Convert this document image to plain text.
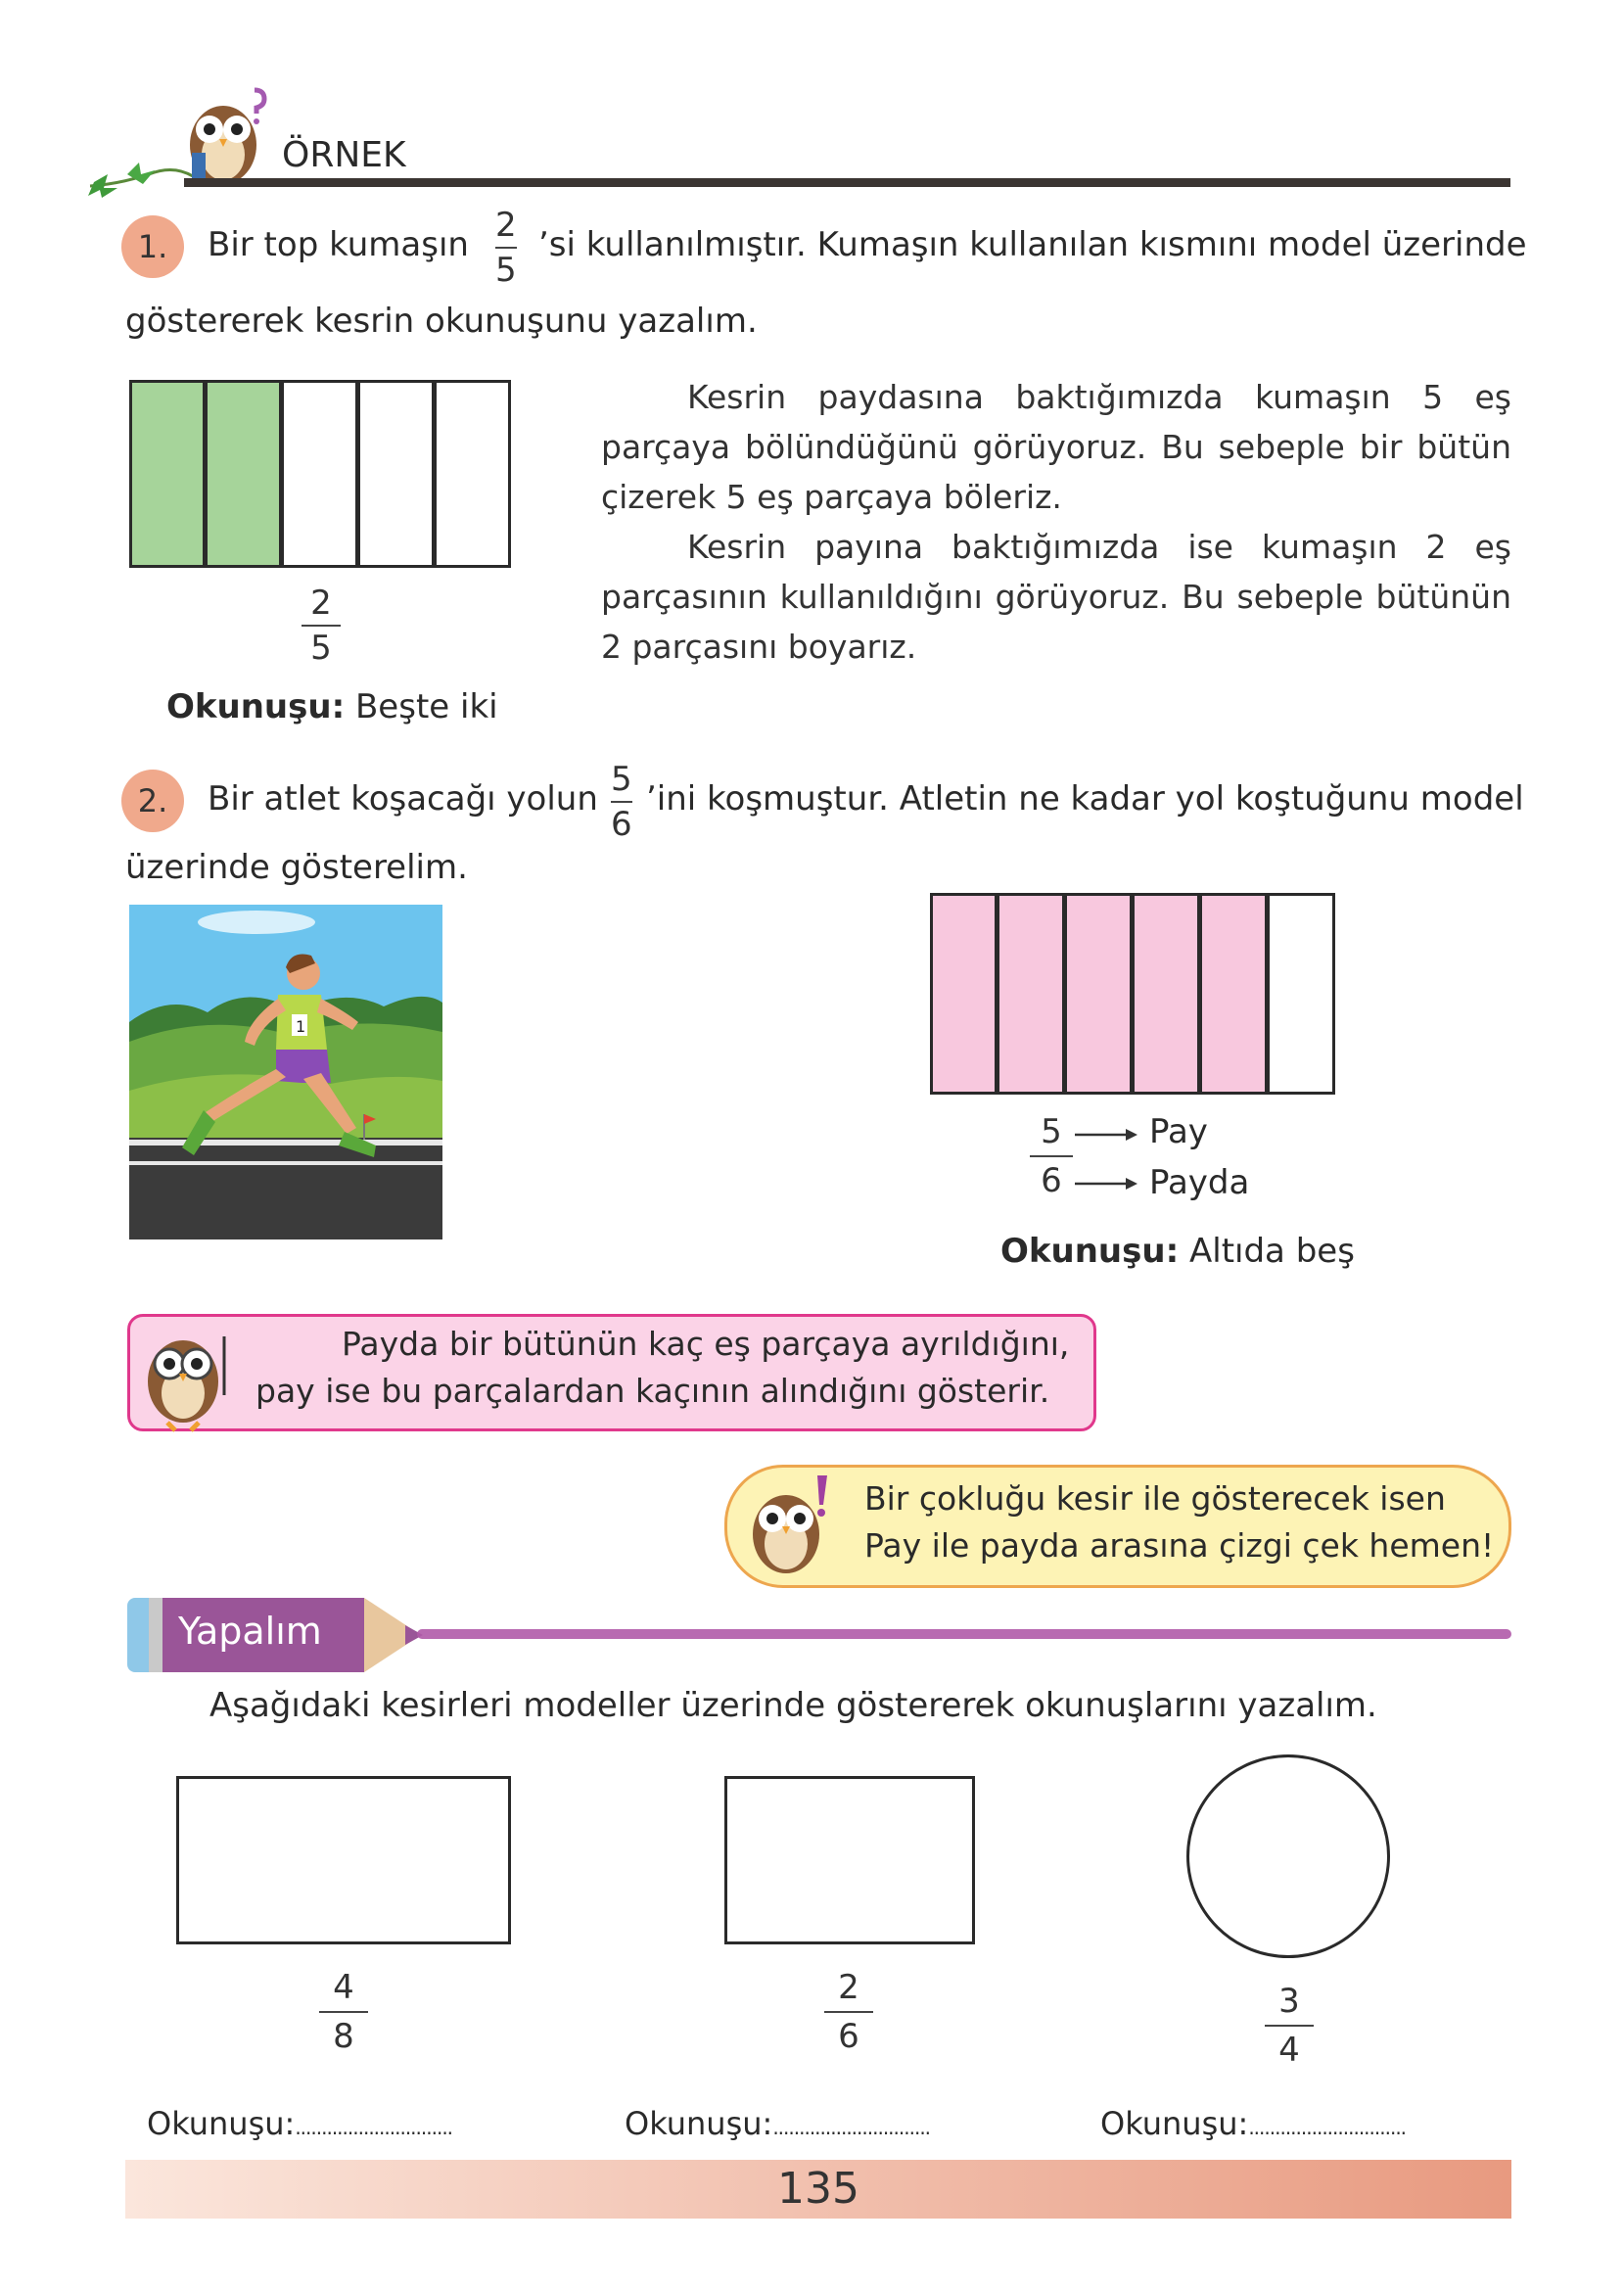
ÖRNEK
1.	Bir top kumaşın 2
5
’si kullanılmıştır. Kumaşın kullanılan kısmını model üzerinde
göstererek kesrin okunuşunu yazalım.
2
5
Okunuşu: Beşte iki

Kesrin paydasına baktığımızda kumaşın 5 eş parçaya bölündüğünü görüyoruz. Bu sebeple bir bütün çizerek 5 eş parçaya böleriz.

Kesrin payına baktığımızda ise kumaşın 2 eş parçasının kullanıldığını görüyoruz. Bu sebeple bütünün 2 parçasını boyarız.

2.	Bir atlet koşacağı yolun 5
6
’ini koşmuştur. Atletin ne kadar yol koştuğunu model
üzerinde gösterelim.
1
5
6
Pay
Payda
Okunuşu: Altıda beş
Payda bir bütünün kaç eş parçaya ayrıldığını,
pay ise bu parçalardan kaçının alındığını gösterir.
Bir çokluğu kesir ile gösterecek isen
Pay ile payda arasına çizgi çek hemen!
Yapalım
Aşağıdaki kesirleri modeller üzerinde göstererek okunuşlarını yazalım.
4
8
2
6
3
4
Okunuşu:..............................	Okunuşu:..............................	Okunuşu:..............................
135
